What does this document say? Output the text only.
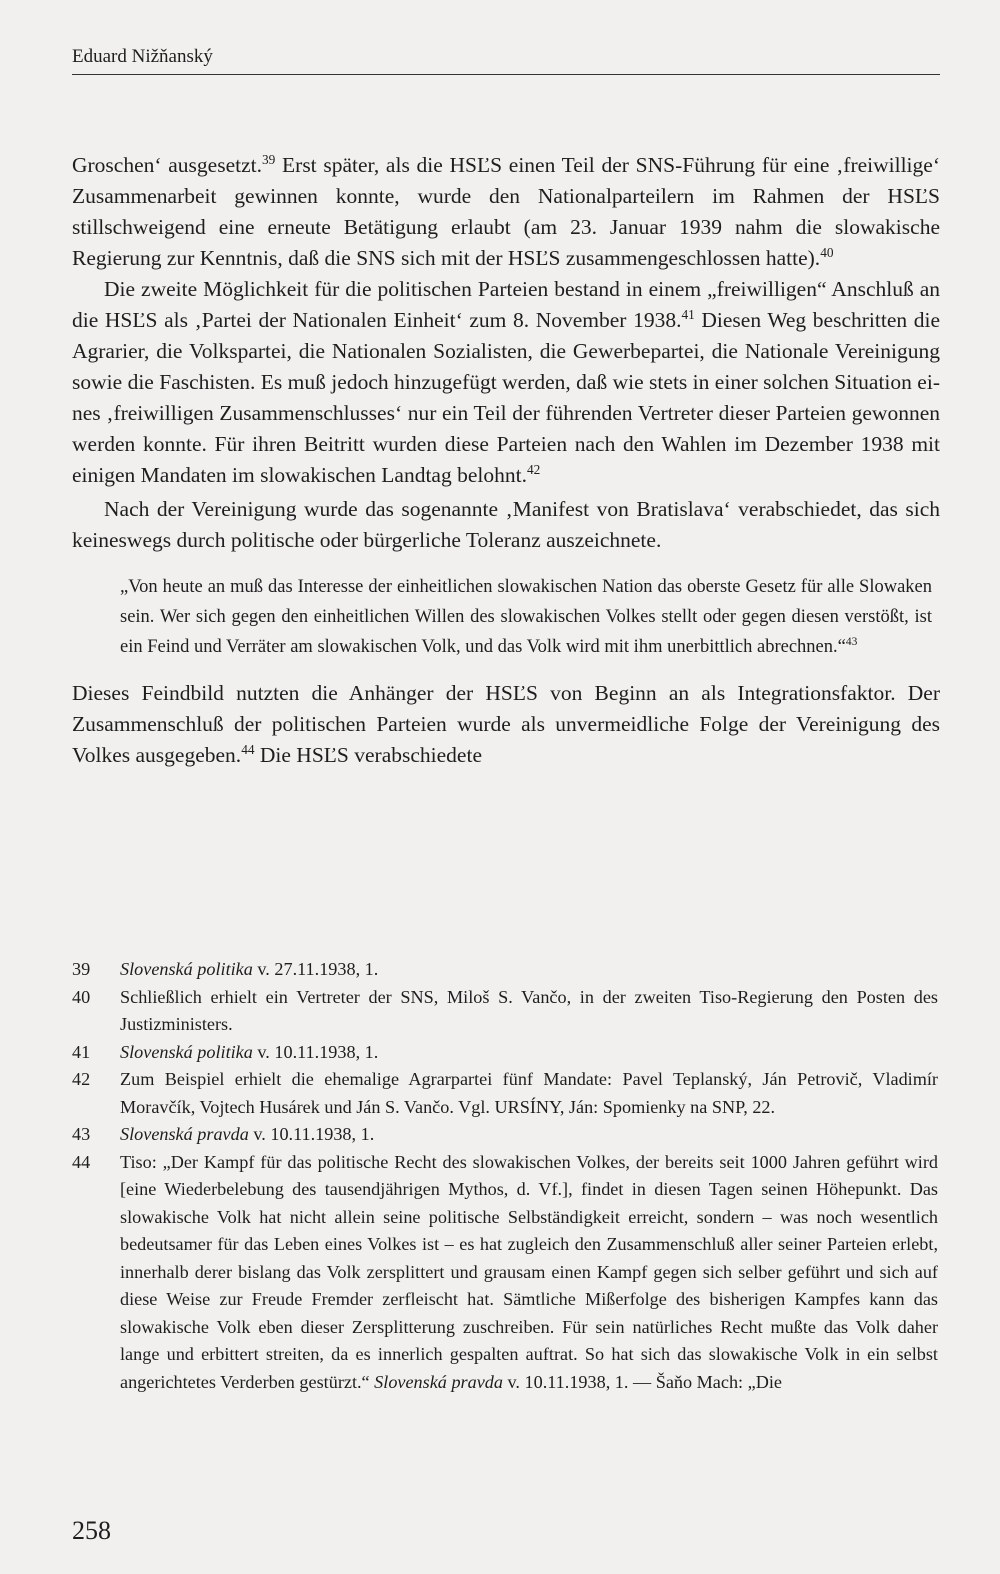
Eduard Nižňanský

Groschen‘ ausgesetzt.$^{39}$ Erst später, als die HSĽS einen Teil der SNS-Führung für eine ‚freiwillige‘ Zusammenarbeit gewinnen konnte, wurde den Nationalparteilern im Rahmen der HSĽS stillschweigend eine erneute Betätigung erlaubt (am 23. Januar 1939 nahm die slowakische Regierung zur Kenntnis, daß die SNS sich mit der HSĽS zusammengeschlossen hatte).$^{40}$

Die zweite Möglichkeit für die politischen Parteien bestand in einem „freiwilligen“ Anschluß an die HSĽS als ‚Partei der Nationalen Einheit‘ zum 8. November 1938.41 Diesen Weg beschritten die Agrarier, die Volkspartei, die Nationalen Sozialisten, die Gewerbepartei, die Nationale Vereinigung sowie die Faschisten. Es muß jedoch hinzugefügt werden, daß wie stets in einer solchen Situation eines ‚freiwilligen Zusammenschlusses‘ nur ein Teil der führenden Vertreter dieser Parteien gewonnen werden konnte. Für ihren Beitritt wurden diese Parteien nach den Wahlen im Dezember 1938 mit einigen Mandaten im slowakischen Landtag belohnt.$^{42}$

Nach der Vereinigung wurde das sogenannte ‚Manifest von Bratislava‘ verabschiedet, das sich keineswegs durch politische oder bürgerliche Toleranz auszeichnete.

„Von heute an muß das Interesse der einheitlichen slowakischen Nation das oberste Gesetz für alle Slowaken sein. Wer sich gegen den einheitlichen Willen des slowakischen Volkes stellt oder gegen diesen verstößt, ist ein Feind und Verräter am slowakischen Volk, und das Volk wird mit ihm unerbittlich abrechnen.“$^{43}$

Dieses Feindbild nutzten die Anhänger der HSĽS von Beginn an als Integrationsfaktor. Der Zusammenschluß der politischen Parteien wurde als unvermeidliche Folge der Vereinigung des Volkes ausgegeben.$^{44}$ Die HSĽS verabschiedete

39	Slovenská politika v. 27.11.1938, 1.
40	Schließlich erhielt ein Vertreter der SNS, Miloš S. Vančo, in der zweiten Tiso-Regierung den Posten des Justizministers.
41	Slovenská politika v. 10.11.1938, 1.
42	Zum Beispiel erhielt die ehemalige Agrarpartei fünf Mandate: Pavel Teplanský, Ján Petrovič, Vladimír Moravčík, Vojtech Husárek und Ján S. Vančo. Vgl. URSÍNY, Ján: Spomienky na SNP, 22.
43	Slovenská pravda v. 10.11.1938, 1.
44	Tiso: „Der Kampf für das politische Recht des slowakischen Volkes, der bereits seit 1000 Jahren geführt wird [eine Wiederbelebung des tausendjährigen Mythos, d. Vf.], findet in diesen Tagen seinen Höhepunkt. Das slowakische Volk hat nicht allein seine politische Selbständigkeit erreicht, sondern – was noch wesentlich bedeutsamer für das Leben eines Volkes ist – es hat zugleich den Zusammenschluß aller seiner Parteien erlebt, innerhalb derer bislang das Volk zersplittert und grausam einen Kampf gegen sich selber geführt und sich auf diese Weise zur Freude Fremder zerfleischt hat. Sämtliche Mißerfolge des bisherigen Kampfes kann das slowakische Volk eben dieser Zersplitterung zuschreiben. Für sein natürliches Recht mußte das Volk daher lange und erbittert streiten, da es innerlich gespalten auftrat. So hat sich das slowakische Volk in ein selbst angerichtetes Verderben gestürzt.“ Slovenská pravda v. 10.11.1938, 1. — Šaňo Mach: „Die
258
